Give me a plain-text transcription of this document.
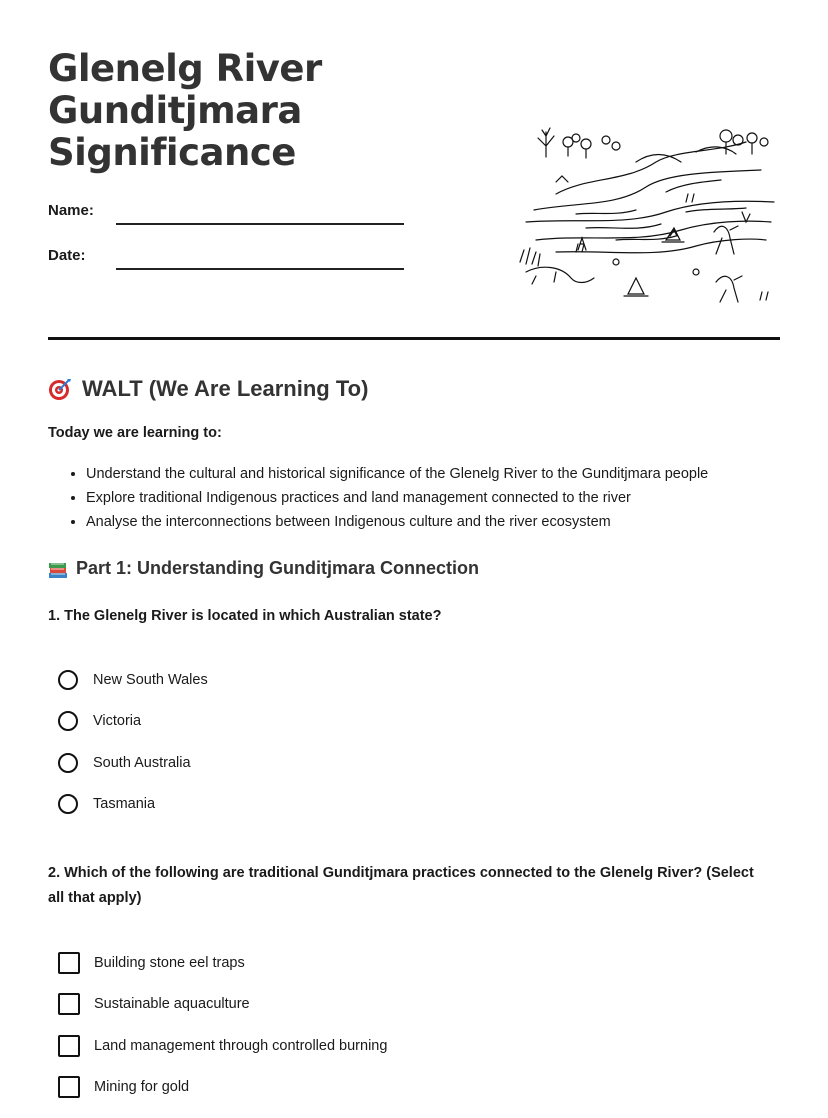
Glenelg River
Gunditjmara
Significance
Name:
Date:
WALT (We Are Learning To)
Today we are learning to:
• Understand the cultural and historical significance of the Glenelg River to the Gunditjmara people
• Explore traditional Indigenous practices and land management connected to the river
• Analyse the interconnections between Indigenous culture and the river ecosystem
Part 1: Understanding Gunditjmara Connection

1. The Glenelg River is located in which Australian state?

New South Wales
Victoria
South Australia
Tasmania

2. Which of the following are traditional Gunditjmara practices connected to the Glenelg River? (Select all that apply)

Building stone eel traps
Sustainable aquaculture
Land management through controlled burning
Mining for gold
